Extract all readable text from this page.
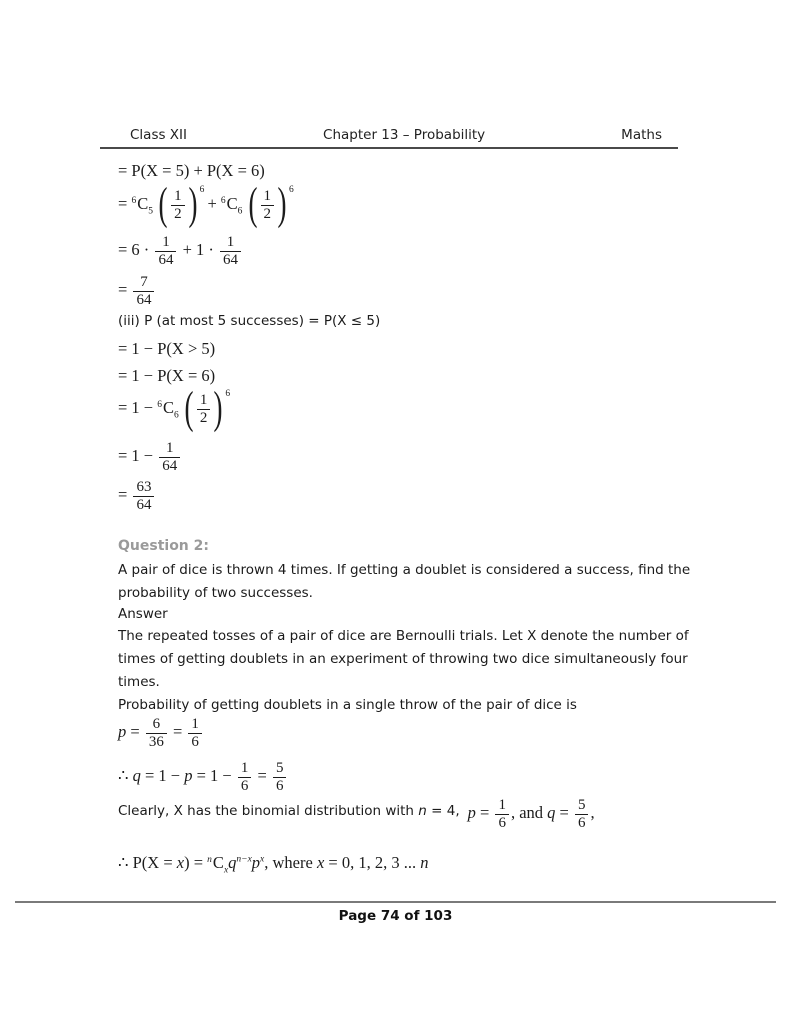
Class XII	Chapter 13 – Probability	Maths
= P(X = 5) + P(X = 6)
= $^6C_5$ ( $\frac{1}{2}$ ) 6
+ $^6C_6$ ( $\frac{1}{2}$ ) 6
= $6 \cdot \frac{1}{64} + 1 \cdot \frac{1}{64}$
= $\frac{7}{64}$
(iii) P (at most 5 successes) = P(X ≤ 5)
= 1 − P(X > 5)
= 1 − P(X = 6)
= $1 - ^6C_6$ ( $\frac{1}{2}$ ) 6
= $1 - \frac{1}{64}$
= $\frac{63}{64}$
Question 2:
A pair of dice is thrown 4 times. If getting a doublet is considered a success, find the
probability of two successes.
Answer
The repeated tosses of a pair of dice are Bernoulli trials. Let X denote the number of
times of getting doublets in an experiment of throwing two dice simultaneously four
times.
Probability of getting doublets in a single throw of the pair of dice is
$p = \frac{6}{36} = \frac{1}{6}$
∴ $q = 1 - p = 1 - \frac{1}{6} = \frac{5}{6}$
Clearly, X has the binomial distribution with n = 4, $p = \frac{1}{6}$ , and $q = \frac{5}{6}$ ,
∴ $P(X = x) = ^nC_xq^{n-x}p^x$, where x = 0, 1, 2, 3 ... n
Page 74 of 103
